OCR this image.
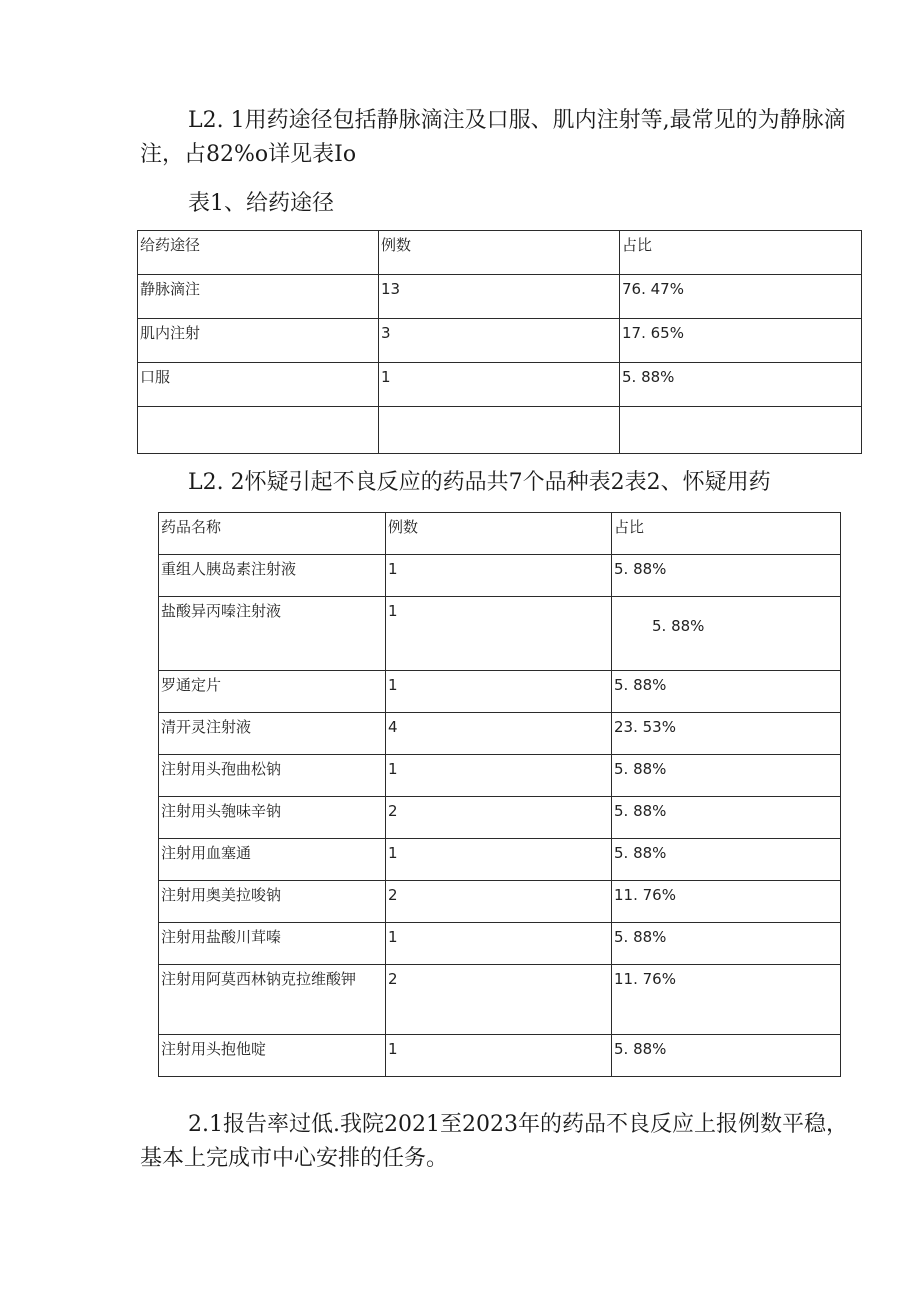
L2. 1用药途径包括静脉滴注及口服、肌内注射等,最常见的为静脉滴注，占82%o详见表Io

表1、给药途径
给药途径	例数	占比
静脉滴注	13	76. 47%
肌内注射	3	17. 65%
口服	1	5. 88%

L2. 2怀疑引起不良反应的药品共7个品种表2表2、怀疑用药

药品名称	例数	占比
重组人胰岛素注射液	1	5. 88%
盐酸异丙嗪注射液	1	5. 88%

罗通定片	1	5. 88%
清开灵注射液	4	23. 53%
注射用头孢曲松钠	1	5. 88%
注射用头匏味辛钠	2	5. 88%
注射用血塞通	1	5. 88%
注射用奥美拉唆钠	2	11. 76%
注射用盐酸川茸嗪	1	5. 88%
注射用阿莫西林钠克拉维酸钾	2	11. 76%
注射用头抱他啶	1	5. 88%

2.1报告率过低.我院2021至2023年的药品不良反应上报例数平稳，基本上完成市中心安排的任务。
